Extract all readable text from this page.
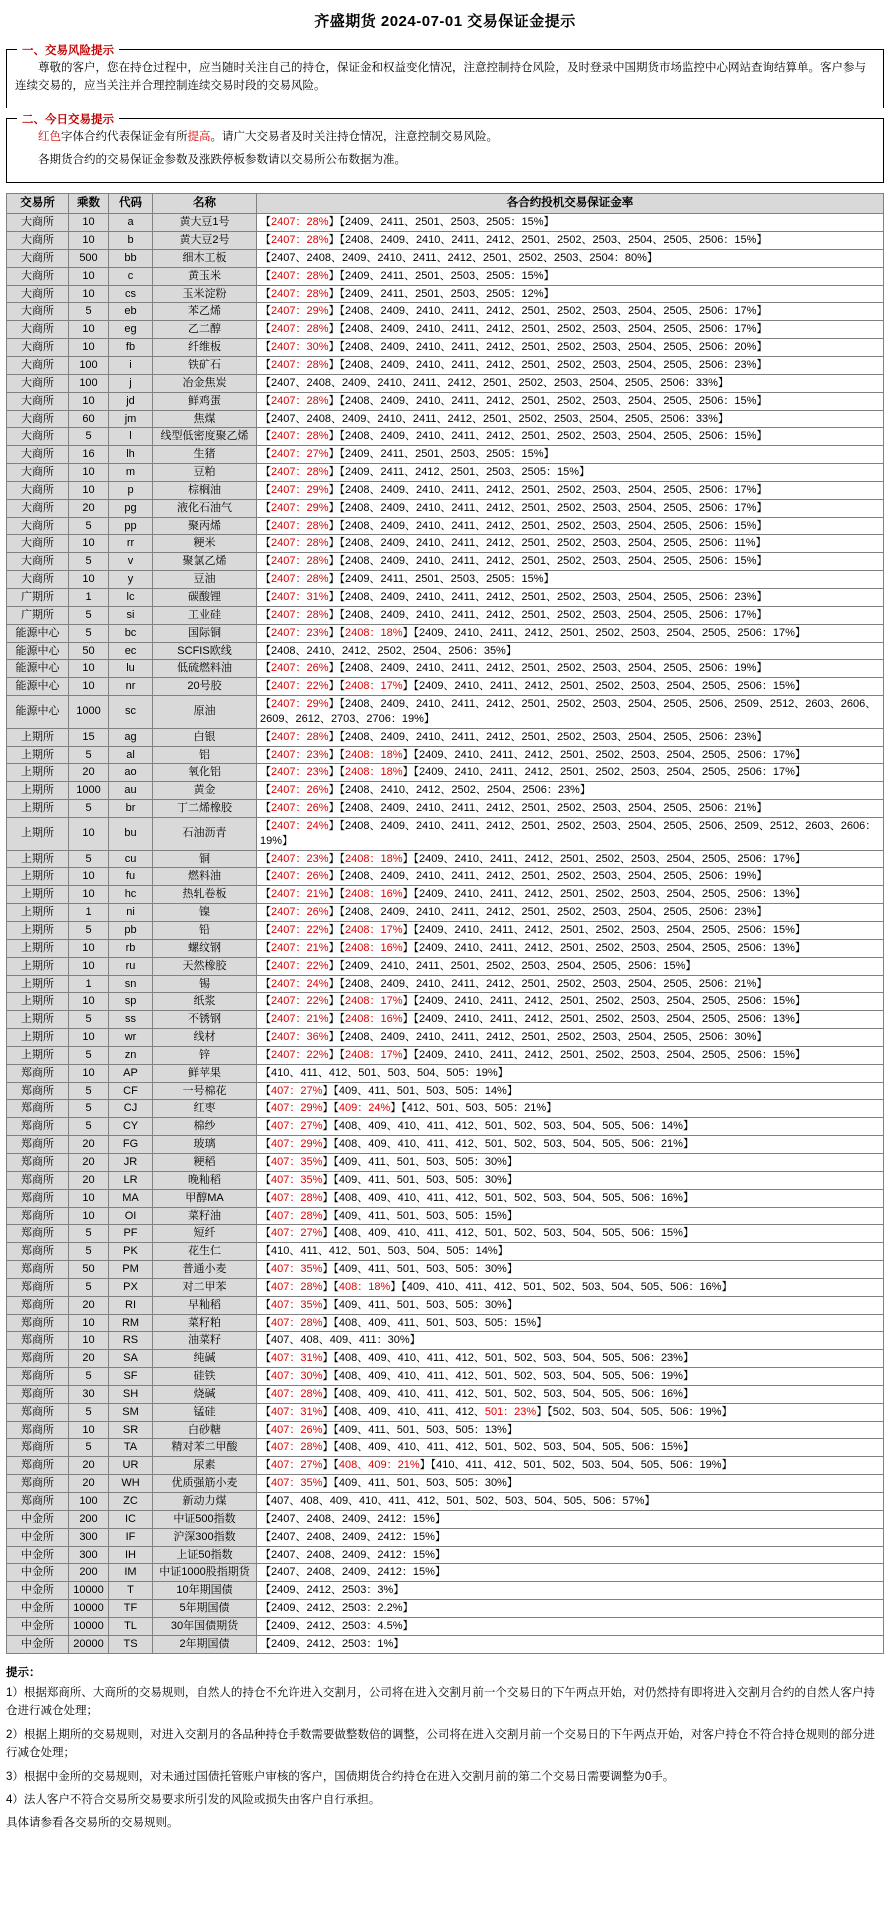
齐盛期货 2024-07-01 交易保证金提示
一、交易风险提示

尊敬的客户，您在持仓过程中，应当随时关注自己的持仓，保证金和权益变化情况，注意控制持仓风险，及时登录中国期货市场监控中心网站查询结算单。客户参与连续交易的，应当关注并合理控制连续交易时段的交易风险。

二、今日交易提示

红色字体合约代表保证金有所提高。请广大交易者及时关注持仓情况，注意控制交易风险。

各期货合约的交易保证金参数及涨跌停板参数请以交易所公布数据为准。

交易所	乘数	代码	名称	各合约投机交易保证金率
大商所	10	a	黄大豆1号	【2407：28%】【2409、2411、2501、2503、2505：15%】
大商所	10	b	黄大豆2号	【2407：28%】【2408、2409、2410、2411、2412、2501、2502、2503、2504、2505、2506：15%】
大商所	500	bb	细木工板	【2407、2408、2409、2410、2411、2412、2501、2502、2503、2504：80%】
大商所	10	c	黄玉米	【2407：28%】【2409、2411、2501、2503、2505：15%】
大商所	10	cs	玉米淀粉	【2407：28%】【2409、2411、2501、2503、2505：12%】
大商所	5	eb	苯乙烯	【2407：29%】【2408、2409、2410、2411、2412、2501、2502、2503、2504、2505、2506：17%】
大商所	10	eg	乙二醇	【2407：28%】【2408、2409、2410、2411、2412、2501、2502、2503、2504、2505、2506：17%】
大商所	10	fb	纤维板	【2407：30%】【2408、2409、2410、2411、2412、2501、2502、2503、2504、2505、2506：20%】
大商所	100	i	铁矿石	【2407：28%】【2408、2409、2410、2411、2412、2501、2502、2503、2504、2505、2506：23%】
大商所	100	j	冶金焦炭	【2407、2408、2409、2410、2411、2412、2501、2502、2503、2504、2505、2506：33%】
大商所	10	jd	鲜鸡蛋	【2407：28%】【2408、2409、2410、2411、2412、2501、2502、2503、2504、2505、2506：15%】
大商所	60	jm	焦煤	【2407、2408、2409、2410、2411、2412、2501、2502、2503、2504、2505、2506：33%】
大商所	5	l	线型低密度聚乙烯	【2407：28%】【2408、2409、2410、2411、2412、2501、2502、2503、2504、2505、2506：15%】
大商所	16	lh	生猪	【2407：27%】【2409、2411、2501、2503、2505：15%】
大商所	10	m	豆粕	【2407：28%】【2409、2411、2412、2501、2503、2505：15%】
大商所	10	p	棕榈油	【2407：29%】【2408、2409、2410、2411、2412、2501、2502、2503、2504、2505、2506：17%】
大商所	20	pg	液化石油气	【2407：29%】【2408、2409、2410、2411、2412、2501、2502、2503、2504、2505、2506：17%】
大商所	5	pp	聚丙烯	【2407：28%】【2408、2409、2410、2411、2412、2501、2502、2503、2504、2505、2506：15%】
大商所	10	rr	粳米	【2407：28%】【2408、2409、2410、2411、2412、2501、2502、2503、2504、2505、2506：11%】
大商所	5	v	聚氯乙烯	【2407：28%】【2408、2409、2410、2411、2412、2501、2502、2503、2504、2505、2506：15%】
大商所	10	y	豆油	【2407：28%】【2409、2411、2501、2503、2505：15%】
广期所	1	lc	碳酸锂	【2407：31%】【2408、2409、2410、2411、2412、2501、2502、2503、2504、2505、2506：23%】
广期所	5	si	工业硅	【2407：28%】【2408、2409、2410、2411、2412、2501、2502、2503、2504、2505、2506：17%】
能源中心	5	bc	国际铜	【2407：23%】【2408：18%】【2409、2410、2411、2412、2501、2502、2503、2504、2505、2506：17%】
能源中心	50	ec	SCFIS欧线	【2408、2410、2412、2502、2504、2506：35%】
能源中心	10	lu	低硫燃料油	【2407：26%】【2408、2409、2410、2411、2412、2501、2502、2503、2504、2505、2506：19%】
能源中心	10	nr	20号胶	【2407：22%】【2408：17%】【2409、2410、2411、2412、2501、2502、2503、2504、2505、2506：15%】
能源中心	1000	sc	原油	【2407：29%】【2408、2409、2410、2411、2412、2501、2502、2503、2504、2505、2506、2509、2512、2603、2606、2609、2612、2703、2706：19%】
上期所	15	ag	白银	【2407：28%】【2408、2409、2410、2411、2412、2501、2502、2503、2504、2505、2506：23%】
上期所	5	al	铝	【2407：23%】【2408：18%】【2409、2410、2411、2412、2501、2502、2503、2504、2505、2506：17%】
上期所	20	ao	氧化铝	【2407：23%】【2408：18%】【2409、2410、2411、2412、2501、2502、2503、2504、2505、2506：17%】
上期所	1000	au	黄金	【2407：26%】【2408、2410、2412、2502、2504、2506：23%】
上期所	5	br	丁二烯橡胶	【2407：26%】【2408、2409、2410、2411、2412、2501、2502、2503、2504、2505、2506：21%】
上期所	10	bu	石油沥青	【2407：24%】【2408、2409、2410、2411、2412、2501、2502、2503、2504、2505、2506、2509、2512、2603、2606：19%】
上期所	5	cu	铜	【2407：23%】【2408：18%】【2409、2410、2411、2412、2501、2502、2503、2504、2505、2506：17%】
上期所	10	fu	燃料油	【2407：26%】【2408、2409、2410、2411、2412、2501、2502、2503、2504、2505、2506：19%】
上期所	10	hc	热轧卷板	【2407：21%】【2408：16%】【2409、2410、2411、2412、2501、2502、2503、2504、2505、2506：13%】
上期所	1	ni	镍	【2407：26%】【2408、2409、2410、2411、2412、2501、2502、2503、2504、2505、2506：23%】
上期所	5	pb	铅	【2407：22%】【2408：17%】【2409、2410、2411、2412、2501、2502、2503、2504、2505、2506：15%】
上期所	10	rb	螺纹钢	【2407：21%】【2408：16%】【2409、2410、2411、2412、2501、2502、2503、2504、2505、2506：13%】
上期所	10	ru	天然橡胶	【2407：22%】【2409、2410、2411、2501、2502、2503、2504、2505、2506：15%】
上期所	1	sn	锡	【2407：24%】【2408、2409、2410、2411、2412、2501、2502、2503、2504、2505、2506：21%】
上期所	10	sp	纸浆	【2407：22%】【2408：17%】【2409、2410、2411、2412、2501、2502、2503、2504、2505、2506：15%】
上期所	5	ss	不锈钢	【2407：21%】【2408：16%】【2409、2410、2411、2412、2501、2502、2503、2504、2505、2506：13%】
上期所	10	wr	线材	【2407：36%】【2408、2409、2410、2411、2412、2501、2502、2503、2504、2505、2506：30%】
上期所	5	zn	锌	【2407：22%】【2408：17%】【2409、2410、2411、2412、2501、2502、2503、2504、2505、2506：15%】
郑商所	10	AP	鲜苹果	【410、411、412、501、503、504、505：19%】
郑商所	5	CF	一号棉花	【407：27%】【409、411、501、503、505：14%】
郑商所	5	CJ	红枣	【407：29%】【409：24%】【412、501、503、505：21%】
郑商所	5	CY	棉纱	【407：27%】【408、409、410、411、412、501、502、503、504、505、506：14%】
郑商所	20	FG	玻璃	【407：29%】【408、409、410、411、412、501、502、503、504、505、506：21%】
郑商所	20	JR	粳稻	【407：35%】【409、411、501、503、505：30%】
郑商所	20	LR	晚籼稻	【407：35%】【409、411、501、503、505：30%】
郑商所	10	MA	甲醇MA	【407：28%】【408、409、410、411、412、501、502、503、504、505、506：16%】
郑商所	10	OI	菜籽油	【407：28%】【409、411、501、503、505：15%】
郑商所	5	PF	短纤	【407：27%】【408、409、410、411、412、501、502、503、504、505、506：15%】
郑商所	5	PK	花生仁	【410、411、412、501、503、504、505：14%】
郑商所	50	PM	普通小麦	【407：35%】【409、411、501、503、505：30%】
郑商所	5	PX	对二甲苯	【407：28%】【408：18%】【409、410、411、412、501、502、503、504、505、506：16%】
郑商所	20	RI	早籼稻	【407：35%】【409、411、501、503、505：30%】
郑商所	10	RM	菜籽粕	【407：28%】【408、409、411、501、503、505：15%】
郑商所	10	RS	油菜籽	【407、408、409、411：30%】
郑商所	20	SA	纯碱	【407：31%】【408、409、410、411、412、501、502、503、504、505、506：23%】
郑商所	5	SF	硅铁	【407：30%】【408、409、410、411、412、501、502、503、504、505、506：19%】
郑商所	30	SH	烧碱	【407：28%】【408、409、410、411、412、501、502、503、504、505、506：16%】
郑商所	5	SM	锰硅	【407：31%】【408、409、410、411、412、501：23%】【502、503、504、505、506：19%】
郑商所	10	SR	白砂糖	【407：26%】【409、411、501、503、505：13%】
郑商所	5	TA	精对苯二甲酸	【407：28%】【408、409、410、411、412、501、502、503、504、505、506：15%】
郑商所	20	UR	尿素	【407：27%】【408、409：21%】【410、411、412、501、502、503、504、505、506：19%】
郑商所	20	WH	优质强筋小麦	【407：35%】【409、411、501、503、505：30%】
郑商所	100	ZC	新动力煤	【407、408、409、410、411、412、501、502、503、504、505、506：57%】
中金所	200	IC	中证500指数	【2407、2408、2409、2412：15%】
中金所	300	IF	沪深300指数	【2407、2408、2409、2412：15%】
中金所	300	IH	上证50指数	【2407、2408、2409、2412：15%】
中金所	200	IM	中证1000股指期货	【2407、2408、2409、2412：15%】
中金所	10000	T	10年期国债	【2409、2412、2503：3%】
中金所	10000	TF	5年期国债	【2409、2412、2503：2.2%】
中金所	10000	TL	30年国债期货	【2409、2412、2503：4.5%】
中金所	20000	TS	2年期国债	【2409、2412、2503：1%】
提示：

1）根据郑商所、大商所的交易规则，自然人的持仓不允许进入交割月，公司将在进入交割月前一个交易日的下午两点开始，对仍然持有即将进入交割月合约的自然人客户持仓进行减仓处理；

2）根据上期所的交易规则，对进入交割月的各品种持仓手数需要做整数倍的调整，公司将在进入交割月前一个交易日的下午两点开始，对客户持仓不符合持仓规则的部分进行减仓处理；

3）根据中金所的交易规则，对未通过国债托管账户审核的客户，国债期货合约持仓在进入交割月前的第二个交易日需要调整为0手。

4）法人客户不符合交易所交易要求所引发的风险或损失由客户自行承担。

具体请参看各交易所的交易规则。
